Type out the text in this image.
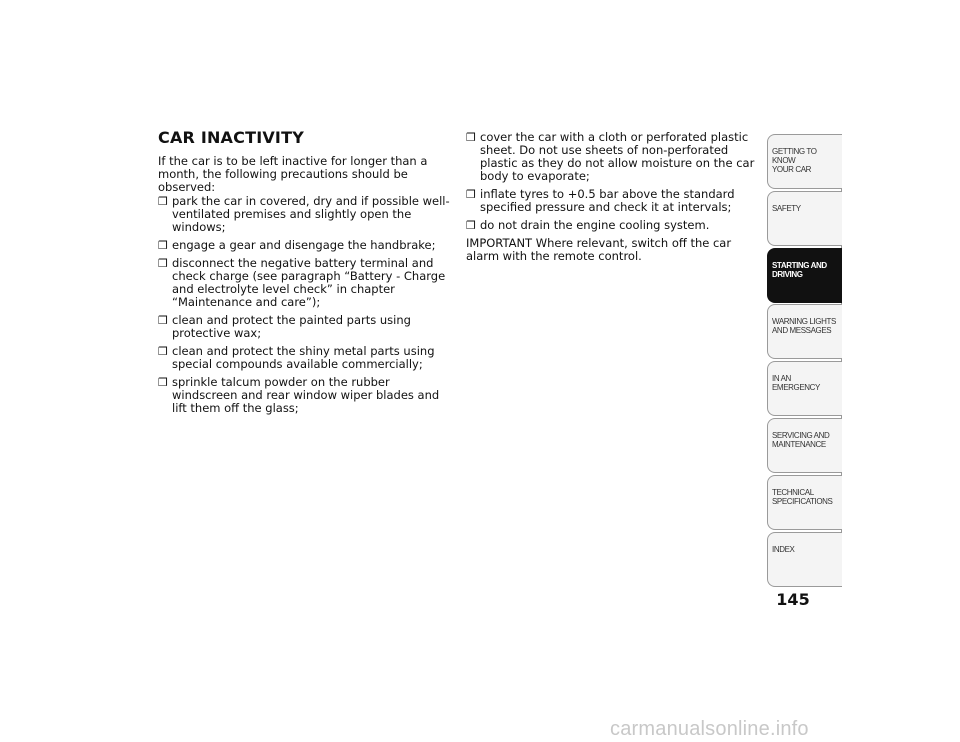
CAR INACTIVITY

If the car is to be left inactive for longer than a month, the following precautions should be observed:

❒ park the car in covered, dry and if possible well-ventilated premises and slightly open the windows;
❒ engage a gear and disengage the handbrake;
❒ disconnect the negative battery terminal and check charge (see paragraph “Battery - Charge and electrolyte level check” in chapter “Maintenance and care”);
❒ clean and protect the painted parts using protective wax;
❒ clean and protect the shiny metal parts using special compounds available commercially;
❒ sprinkle talcum powder on the rubber windscreen and rear window wiper blades and lift them off the glass;
❒ cover the car with a cloth or perforated plastic sheet. Do not use sheets of non-perforated plastic as they do not allow moisture on the car body to evaporate;
❒ inflate tyres to +0.5 bar above the standard specified pressure and check it at intervals;
❒ do not drain the engine cooling system.

IMPORTANT Where relevant, switch off the car alarm with the remote control.

GETTING TO KNOW
YOUR CAR
SAFETY
STARTING AND
DRIVING
WARNING LIGHTS
AND MESSAGES
IN AN EMERGENCY
SERVICING AND
MAINTENANCE
TECHNICAL
SPECIFICATIONS
INDEX
145
carmanualsonline.info
